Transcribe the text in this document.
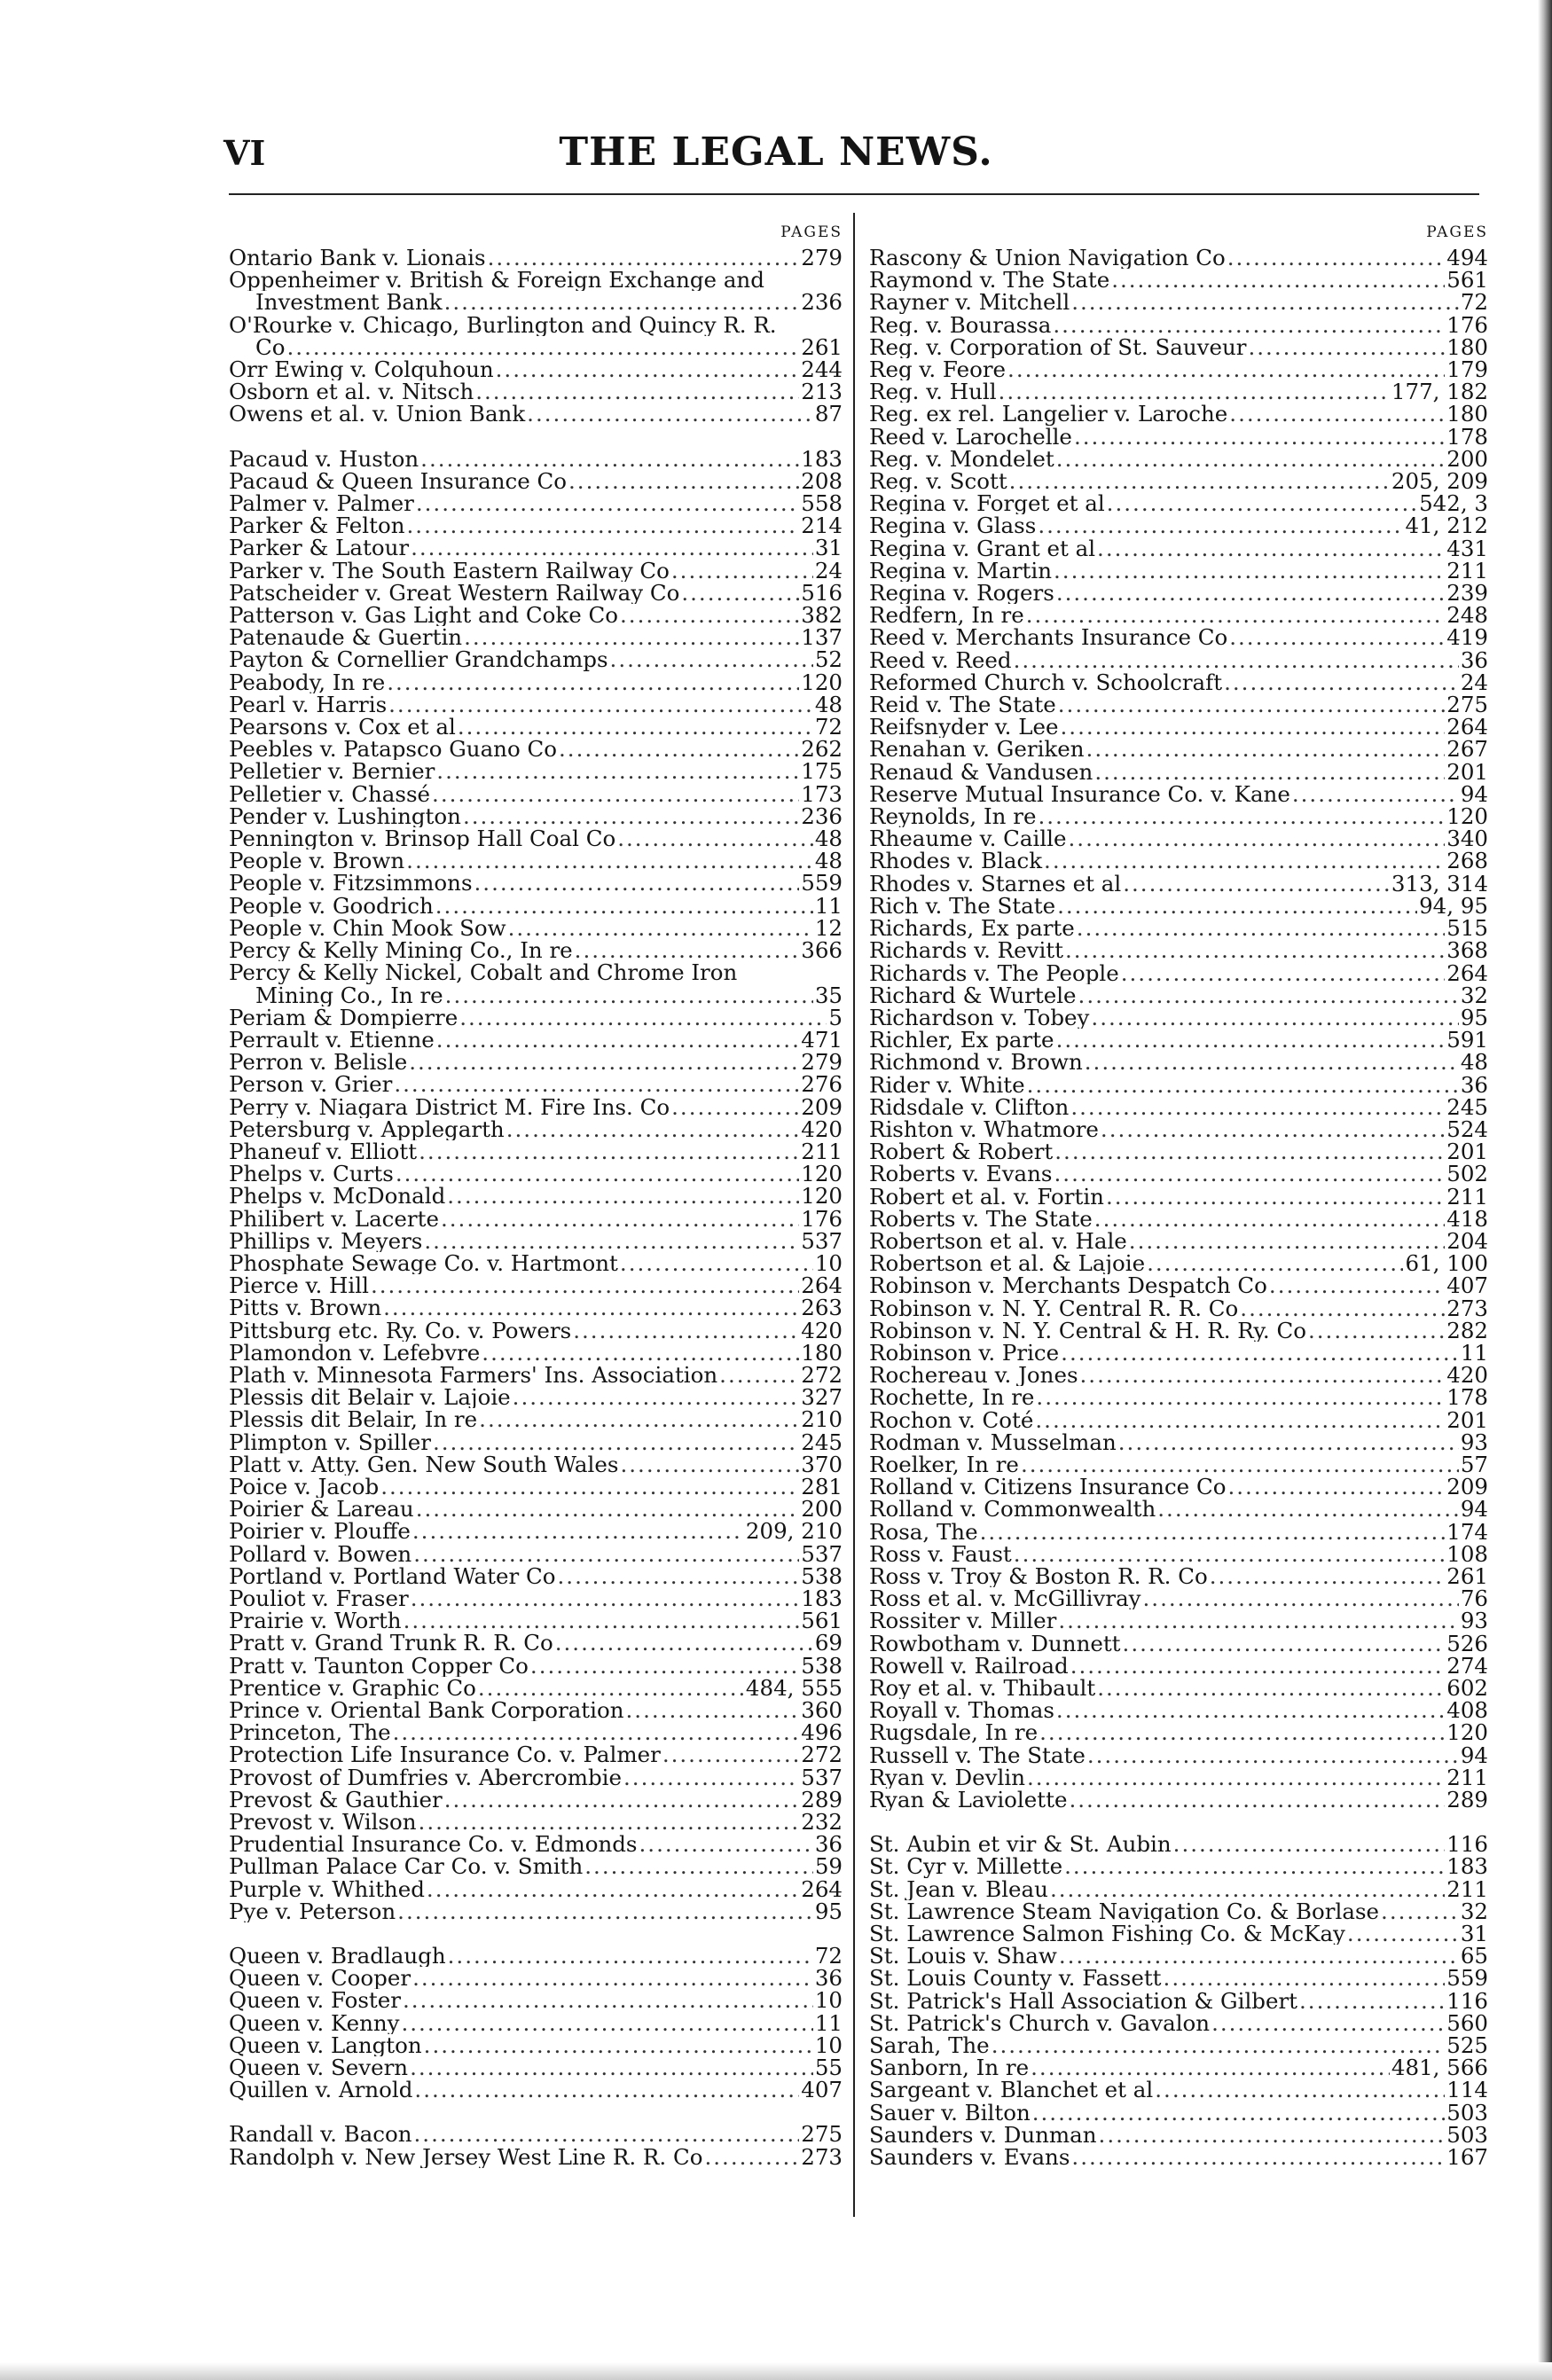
VI	THE LEGAL NEWS.
PAGES
Ontario Bank v. Lionais .....	279
Oppenheimer v. British & Foreign Exchange and
Investment Bank .....	236
O'Rourke v. Chicago, Burlington and Quincy R. R.
Co .....	261
Orr Ewing v. Colquhoun .....	244
Osborn et al. v. Nitsch .....	213
Owens et al. v. Union Bank .....	87
Pacaud v. Huston .....	183
Pacaud & Queen Insurance Co .....	208
Palmer v. Palmer .....	558
Parker & Felton .....	214
Parker & Latour .....	31
Parker v. The South Eastern Railway Co .....	24
Patscheider v. Great Western Railway Co .....	516
Patterson v. Gas Light and Coke Co .....	382
Patenaude & Guertin .....	137
Payton & Cornellier Grandchamps .....	52
Peabody, In re .....	120
Pearl v. Harris .....	48
Pearsons v. Cox et al .....	72
Peebles v. Patapsco Guano Co .....	262
Pelletier v. Bernier .....	175
Pelletier v. Chassé .....	173
Pender v. Lushington .....	236
Pennington v. Brinsop Hall Coal Co .....	48
People v. Brown .....	48
People v. Fitzsimmons .....	559
People v. Goodrich .....	11
People v. Chin Mook Sow .....	12
Percy & Kelly Mining Co., In re .....	366
Percy & Kelly Nickel, Cobalt and Chrome Iron
Mining Co., In re .....	35
Periam & Dompierre .....	5
Perrault v. Etienne .....	471
Perron v. Belisle .....	279
Person v. Grier .....	276
Perry v. Niagara District M. Fire Ins. Co .....	209
Petersburg v. Applegarth .....	420
Phaneuf v. Elliott .....	211
Phelps v. Curts .....	120
Phelps v. McDonald .....	120
Philibert v. Lacerte .....	176
Phillips v. Meyers .....	537
Phosphate Sewage Co. v. Hartmont .....	10
Pierce v. Hill .....	264
Pitts v. Brown .....	263
Pittsburg etc. Ry. Co. v. Powers .....	420
Plamondon v. Lefebvre .....	180
Plath v. Minnesota Farmers' Ins. Association .....	272
Plessis dit Belair v. Lajoie .....	327
Plessis dit Belair, In re .....	210
Plimpton v. Spiller .....	245
Platt v. Atty. Gen. New South Wales .....	370
Poice v. Jacob .....	281
Poirier & Lareau .....	200
Poirier v. Plouffe .....	209, 210
Pollard v. Bowen .....	537
Portland v. Portland Water Co .....	538
Pouliot v. Fraser .....	183
Prairie v. Worth .....	561
Pratt v. Grand Trunk R. R. Co .....	69
Pratt v. Taunton Copper Co .....	538
Prentice v. Graphic Co .....	484, 555
Prince v. Oriental Bank Corporation .....	360
Princeton, The .....	496
Protection Life Insurance Co. v. Palmer .....	272
Provost of Dumfries v. Abercrombie .....	537
Prevost & Gauthier .....	289
Prevost v. Wilson .....	232
Prudential Insurance Co. v. Edmonds .....	36
Pullman Palace Car Co. v. Smith .....	59
Purple v. Whithed .....	264
Pye v. Peterson .....	95
Queen v. Bradlaugh .....	72
Queen v. Cooper .....	36
Queen v. Foster .....	10
Queen v. Kenny .....	11
Queen v. Langton .....	10
Queen v. Severn .....	55
Quillen v. Arnold .....	407
Randall v. Bacon .....	275
Randolph v. New Jersey West Line R. R. Co .....	273
PAGES
Rascony & Union Navigation Co .....	494
Raymond v. The State .....	561
Rayner v. Mitchell .....	72
Reg. v. Bourassa .....	176
Reg. v. Corporation of St. Sauveur .....	180
Reg v. Feore .....	179
Reg. v. Hull .....	177, 182
Reg. ex rel. Langelier v. Laroche .....	180
Reed v. Larochelle .....	178
Reg. v. Mondelet .....	200
Reg. v. Scott .....	205, 209
Regina v. Forget et al .....	542, 3
Regina v. Glass .....	41, 212
Regina v. Grant et al .....	431
Regina v. Martin .....	211
Regina v. Rogers .....	239
Redfern, In re .....	248
Reed v. Merchants Insurance Co .....	419
Reed v. Reed .....	36
Reformed Church v. Schoolcraft .....	24
Reid v. The State .....	275
Reifsnyder v. Lee .....	264
Renahan v. Geriken .....	267
Renaud & Vandusen .....	201
Reserve Mutual Insurance Co. v. Kane .....	94
Reynolds, In re .....	120
Rheaume v. Caille .....	340
Rhodes v. Black .....	268
Rhodes v. Starnes et al .....	313, 314
Rich v. The State .....	94, 95
Richards, Ex parte .....	515
Richards v. Revitt .....	368
Richards v. The People .....	264
Richard & Wurtele .....	32
Richardson v. Tobey .....	95
Richler, Ex parte .....	591
Richmond v. Brown .....	48
Rider v. White .....	36
Ridsdale v. Clifton .....	245
Rishton v. Whatmore .....	524
Robert & Robert .....	201
Roberts v. Evans .....	502
Robert et al. v. Fortin .....	211
Roberts v. The State .....	418
Robertson et al. v. Hale .....	204
Robertson et al. & Lajoie .....	61, 100
Robinson v. Merchants Despatch Co .....	407
Robinson v. N. Y. Central R. R. Co .....	273
Robinson v. N. Y. Central & H. R. Ry. Co .....	282
Robinson v. Price .....	11
Rochereau v. Jones .....	420
Rochette, In re .....	178
Rochon v. Coté .....	201
Rodman v. Musselman .....	93
Roelker, In re .....	57
Rolland v. Citizens Insurance Co .....	209
Rolland v. Commonwealth .....	94
Rosa, The .....	174
Ross v. Faust .....	108
Ross v. Troy & Boston R. R. Co .....	261
Ross et al. v. McGillivray .....	76
Rossiter v. Miller .....	93
Rowbotham v. Dunnett .....	526
Rowell v. Railroad .....	274
Roy et al. v. Thibault .....	602
Royall v. Thomas .....	408
Rugsdale, In re .....	120
Russell v. The State .....	94
Ryan v. Devlin .....	211
Ryan & Laviolette .....	289
St. Aubin et vir & St. Aubin .....	116
St. Cyr v. Millette .....	183
St. Jean v. Bleau .....	211
St. Lawrence Steam Navigation Co. & Borlase .....	32
St. Lawrence Salmon Fishing Co. & McKay .....	31
St. Louis v. Shaw .....	65
St. Louis County v. Fassett .....	559
St. Patrick's Hall Association & Gilbert .....	116
St. Patrick's Church v. Gavalon .....	560
Sarah, The .....	525
Sanborn, In re .....	481, 566
Sargeant v. Blanchet et al .....	114
Sauer v. Bilton .....	503
Saunders v. Dunman .....	503
Saunders v. Evans .....	167
